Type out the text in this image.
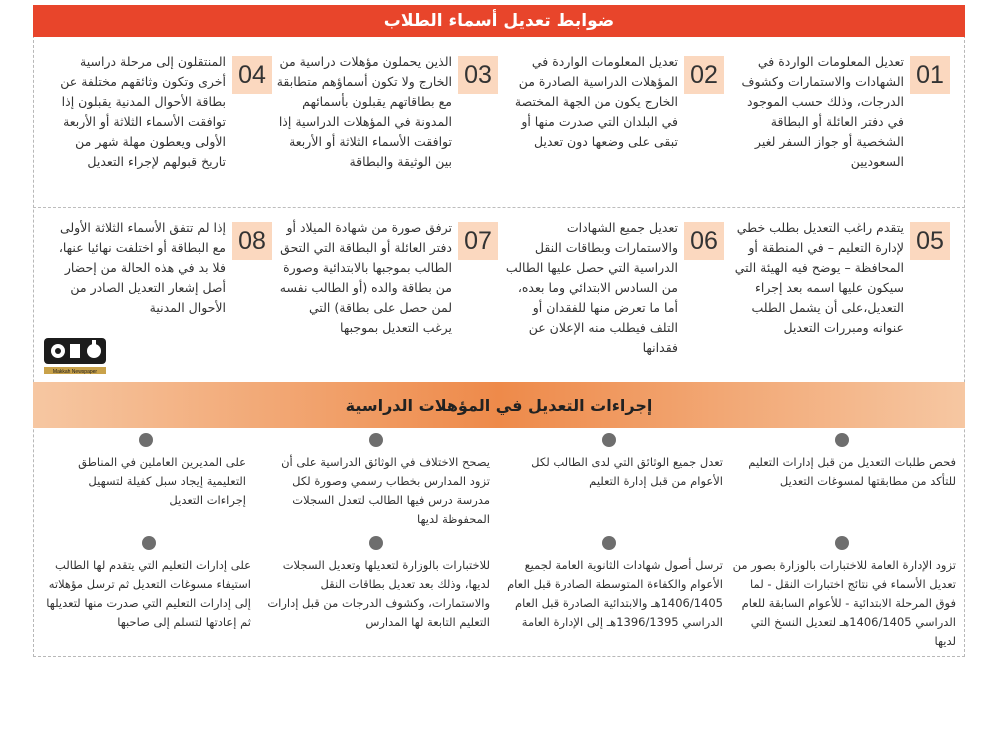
ضوابط تعديل أسماء الطلاب
01
تعديل المعلومات الواردة في الشهادات والاستمارات وكشوف الدرجات، وذلك حسب الموجود في دفتر العائلة أو البطاقة الشخصية أو جواز السفر لغير السعوديين
02
تعديل المعلومات الواردة في المؤهلات الدراسية الصادرة من الخارج يكون من الجهة المختصة في البلدان التي صدرت منها أو تبقى على وضعها دون تعديل
03
الذين يحملون مؤهلات دراسية من الخارج ولا تكون أسماؤهم متطابقة مع بطاقاتهم يقبلون بأسمائهم المدونة في المؤهلات الدراسية إذا توافقت الأسماء الثلاثة أو الأربعة بين الوثيقة والبطاقة
04
المنتقلون إلى مرحلة دراسية أخرى وتكون وثائقهم مختلفة عن بطاقة الأحوال المدنية يقبلون إذا توافقت الأسماء الثلاثة أو الأربعة الأولى ويعطون مهلة شهر من تاريخ قبولهم لإجراء التعديل
05
يتقدم راغب التعديل بطلب خطي لإدارة التعليم – في المنطقة أو المحافظة – يوضح فيه الهيئة التي سيكون عليها اسمه بعد إجراء التعديل،على أن يشمل الطلب عنوانه ومبررات التعديل
06
تعديل جميع الشهادات والاستمارات وبطاقات النقل الدراسية التي حصل عليها الطالب من السادس الابتدائي وما بعده، أما ما تعرض منها للفقدان أو التلف فيطلب منه الإعلان عن فقدانها
07
ترفق صورة من شهادة الميلاد أو دفتر العائلة أو البطاقة التي التحق الطالب بموجبها بالابتدائية وصورة من بطاقة والده (أو الطالب نفسه لمن حصل على بطاقة) التي يرغب التعديل بموجبها
08
إذا لم تتفق الأسماء الثلاثة الأولى مع البطاقة أو اختلفت نهائيا عنها، فلا بد في هذه الحالة من إحضار أصل إشعار التعديل الصادر من الأحوال المدنية
Makkah Newspaper
إجراءات التعديل في المؤهلات الدراسية
فحص طلبات التعديل من قبل إدارات التعليم للتأكد من مطابقتها لمسوغات التعديل
تعدل جميع الوثائق التي لدى الطالب لكل الأعوام من قبل إدارة التعليم
يصحح الاختلاف في الوثائق الدراسية على أن تزود المدارس بخطاب رسمي وصورة لكل مدرسة درس فيها الطالب لتعدل السجلات المحفوظة لديها
على المديرين العاملين في المناطق التعليمية إيجاد سبل كفيلة لتسهيل إجراءات التعديل
تزود الإدارة العامة للاختبارات بالوزارة بصور من تعديل الأسماء في نتائج اختبارات النقل - لما فوق المرحلة الابتدائية - للأعوام السابقة للعام الدراسي 1406/1405هـ لتعديل النسخ التي لديها
ترسل أصول شهادات الثانوية العامة لجميع الأعوام والكفاءة المتوسطة الصادرة قبل العام 1406/1405هـ والابتدائية الصادرة قبل العام الدراسي 1396/1395هـ إلى الإدارة العامة
للاختبارات بالوزارة لتعديلها وتعديل السجلات لديها، وذلك بعد تعديل بطاقات النقل والاستمارات، وكشوف الدرجات من قبل إدارات التعليم التابعة لها المدارس
على إدارات التعليم التي يتقدم لها الطالب استيفاء مسوغات التعديل ثم ترسل مؤهلاته إلى إدارات التعليم التي صدرت منها لتعديلها ثم إعادتها لتسلم إلى صاحبها
